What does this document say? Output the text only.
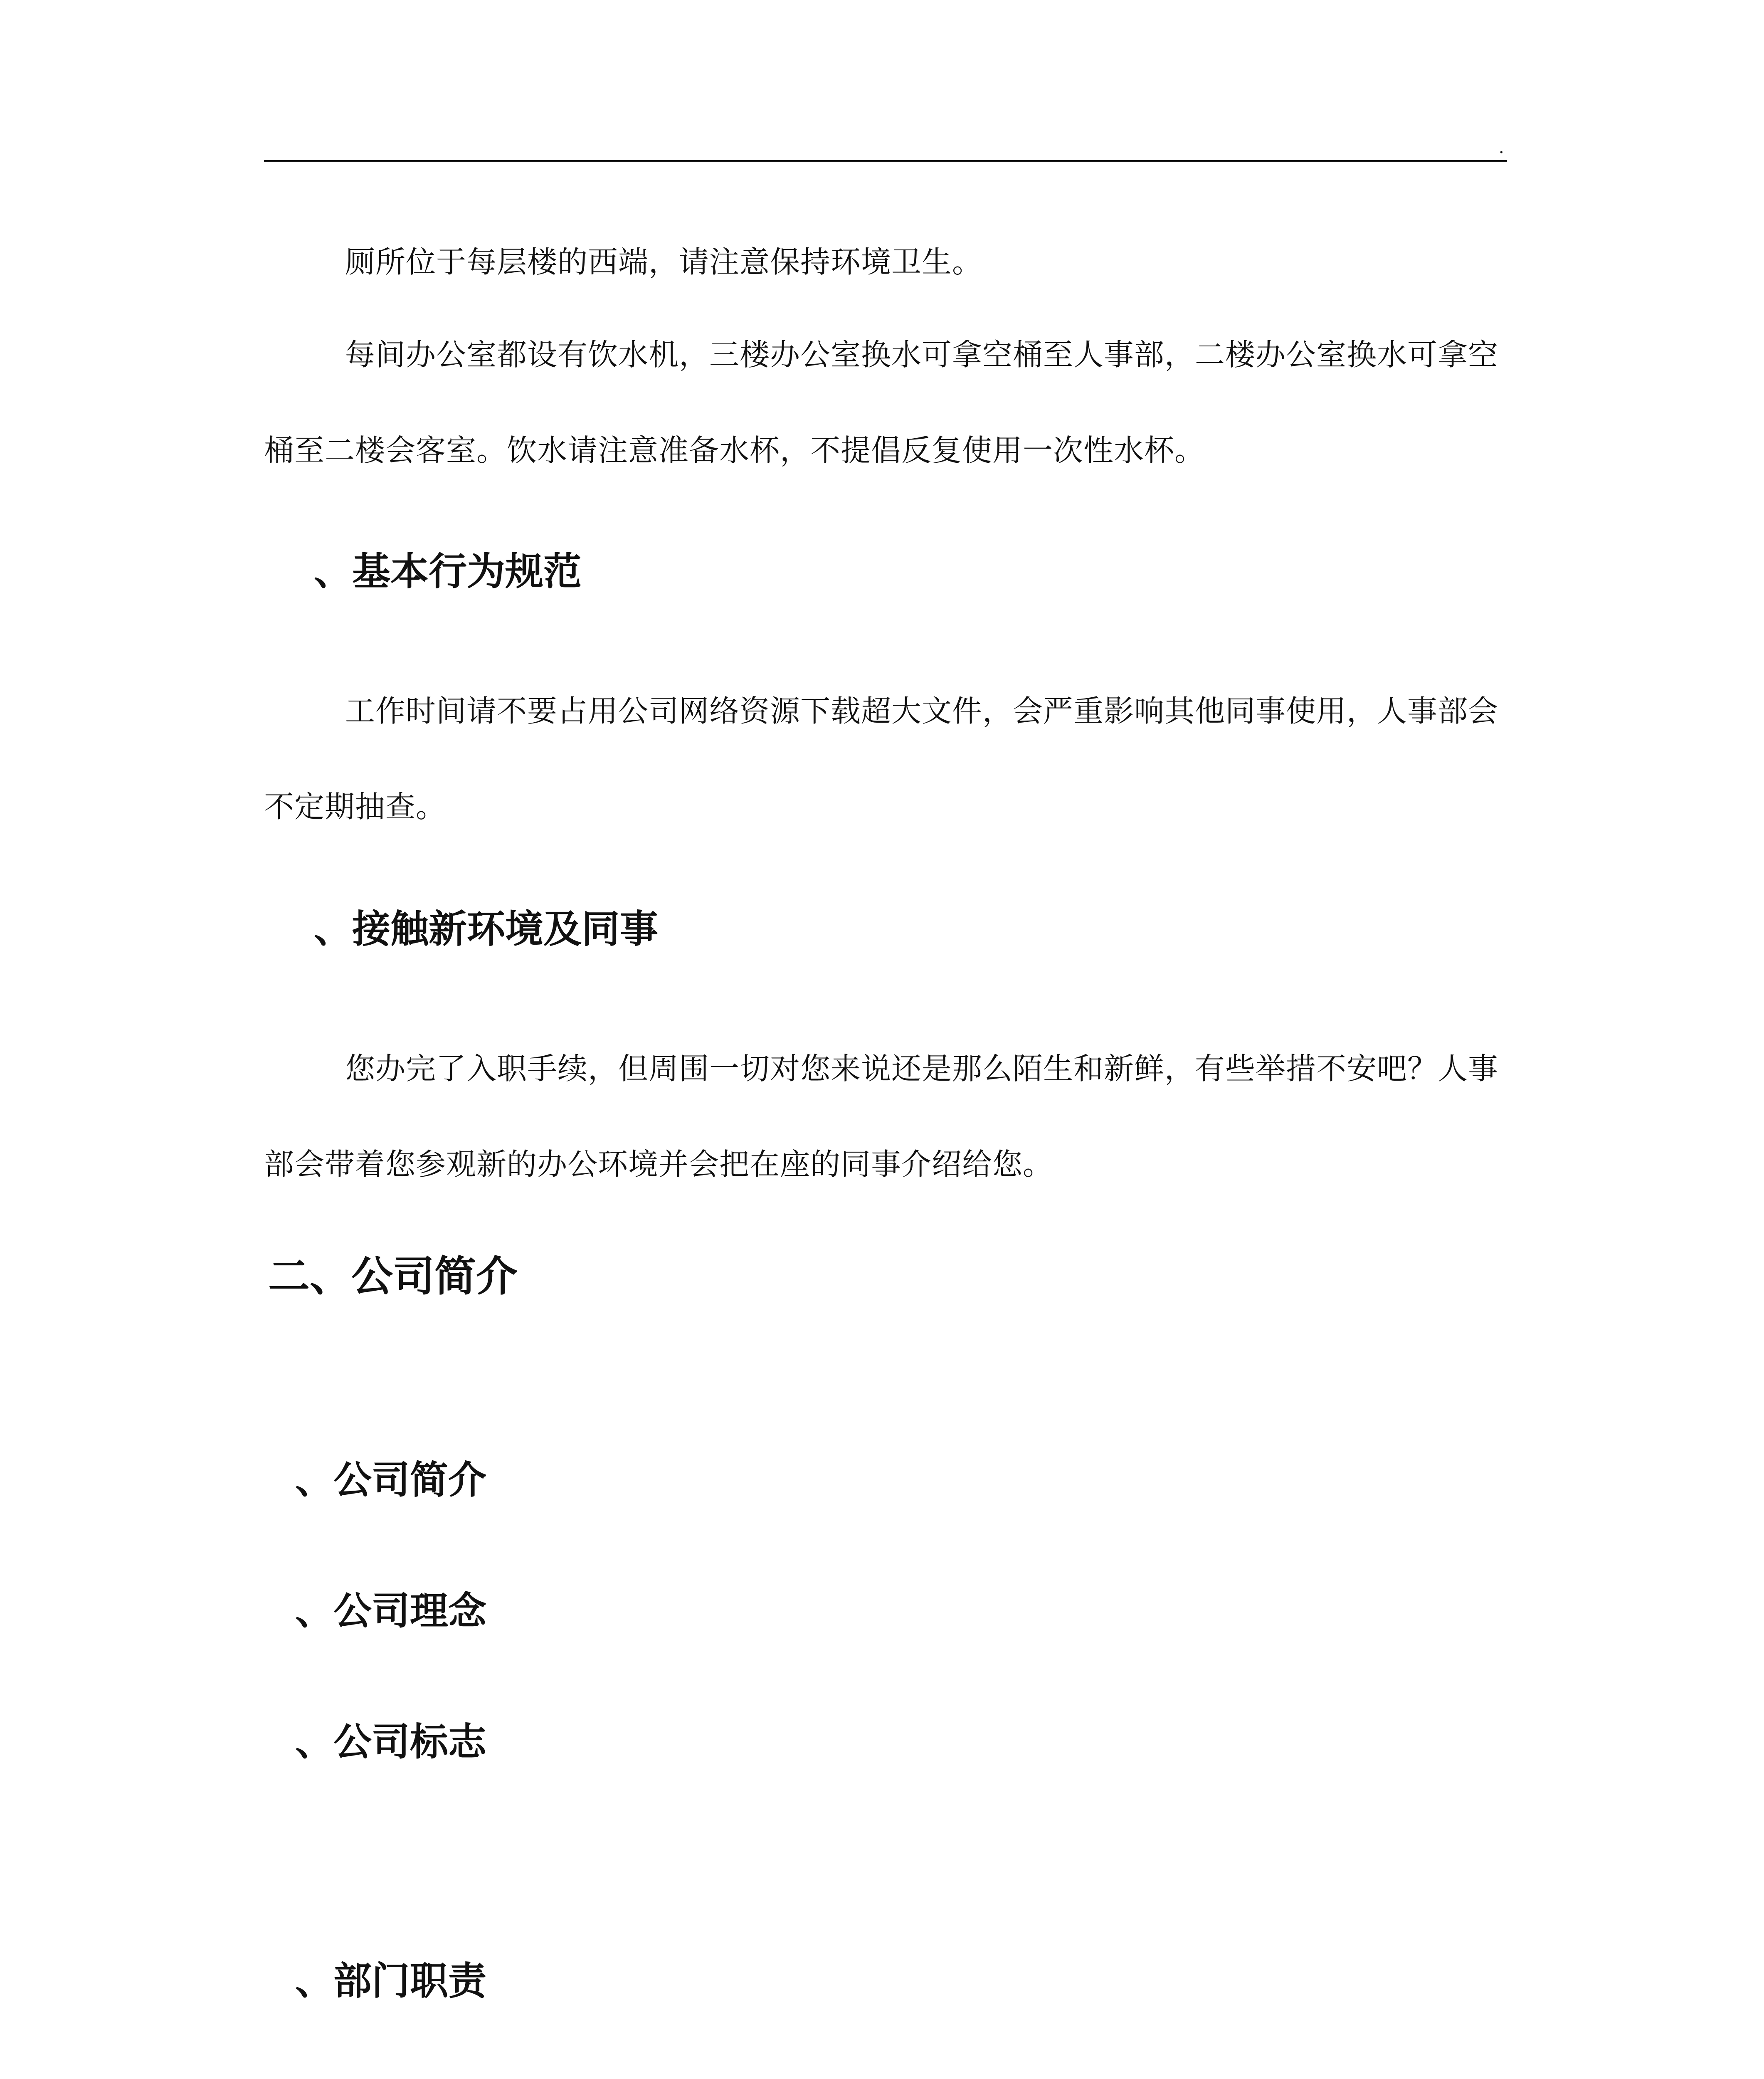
.

厕所位于每层楼的西端，请注意保持环境卫生。

每间办公室都设有饮水机，三楼办公室换水可拿空桶至人事部，二楼办公室换水可拿空桶至二楼会客室。饮水请注意准备水杯，不提倡反复使用一次性水杯。

、基本行为规范

工作时间请不要占用公司网络资源下载超大文件，会严重影响其他同事使用，人事部会不定期抽查。

、接触新环境及同事

您办完了入职手续，但周围一切对您来说还是那么陌生和新鲜，有些举措不安吧？人事部会带着您参观新的办公环境并会把在座的同事介绍给您。

二、公司简介
、公司简介
、公司理念
、公司标志
、部门职责
